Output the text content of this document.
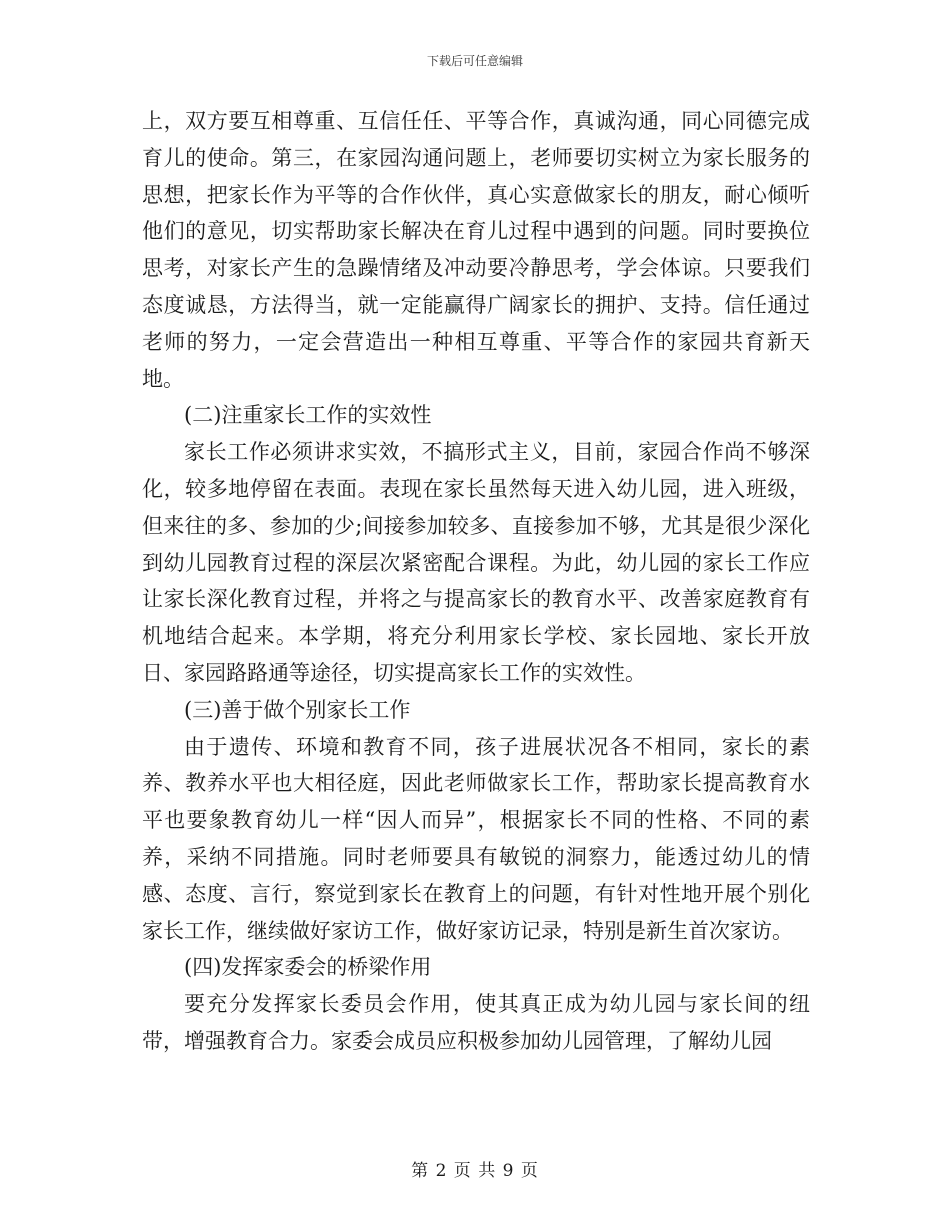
下载后可任意编辑

上，双方要互相尊重、互信任任、平等合作，真诚沟通，同心同德完成育儿的使命。第三，在家园沟通问题上，老师要切实树立为家长服务的思想，把家长作为平等的合作伙伴，真心实意做家长的朋友，耐心倾听他们的意见，切实帮助家长解决在育儿过程中遇到的问题。同时要换位思考，对家长产生的急躁情绪及冲动要冷静思考，学会体谅。只要我们态度诚恳，方法得当，就一定能赢得广阔家长的拥护、支持。信任通过老师的努力，一定会营造出一种相互尊重、平等合作的家园共育新天地。

(二)注重家长工作的实效性

家长工作必须讲求实效，不搞形式主义，目前，家园合作尚不够深化，较多地停留在表面。表现在家长虽然每天进入幼儿园，进入班级，但来往的多、参加的少;间接参加较多、直接参加不够，尤其是很少深化到幼儿园教育过程的深层次紧密配合课程。为此，幼儿园的家长工作应让家长深化教育过程，并将之与提高家长的教育水平、改善家庭教育有机地结合起来。本学期，将充分利用家长学校、家长园地、家长开放日、家园路路通等途径，切实提高家长工作的实效性。

(三)善于做个别家长工作

由于遗传、环境和教育不同，孩子进展状况各不相同，家长的素养、教养水平也大相径庭，因此老师做家长工作，帮助家长提高教育水平也要象教育幼儿一样“因人而异”，根据家长不同的性格、不同的素养，采纳不同措施。同时老师要具有敏锐的洞察力，能透过幼儿的情感、态度、言行，察觉到家长在教育上的问题，有针对性地开展个别化家长工作，继续做好家访工作，做好家访记录，特别是新生首次家访。

(四)发挥家委会的桥梁作用

要充分发挥家长委员会作用，使其真正成为幼儿园与家长间的纽带，增强教育合力。家委会成员应积极参加幼儿园管理，了解幼儿园

第 2 页 共 9 页
